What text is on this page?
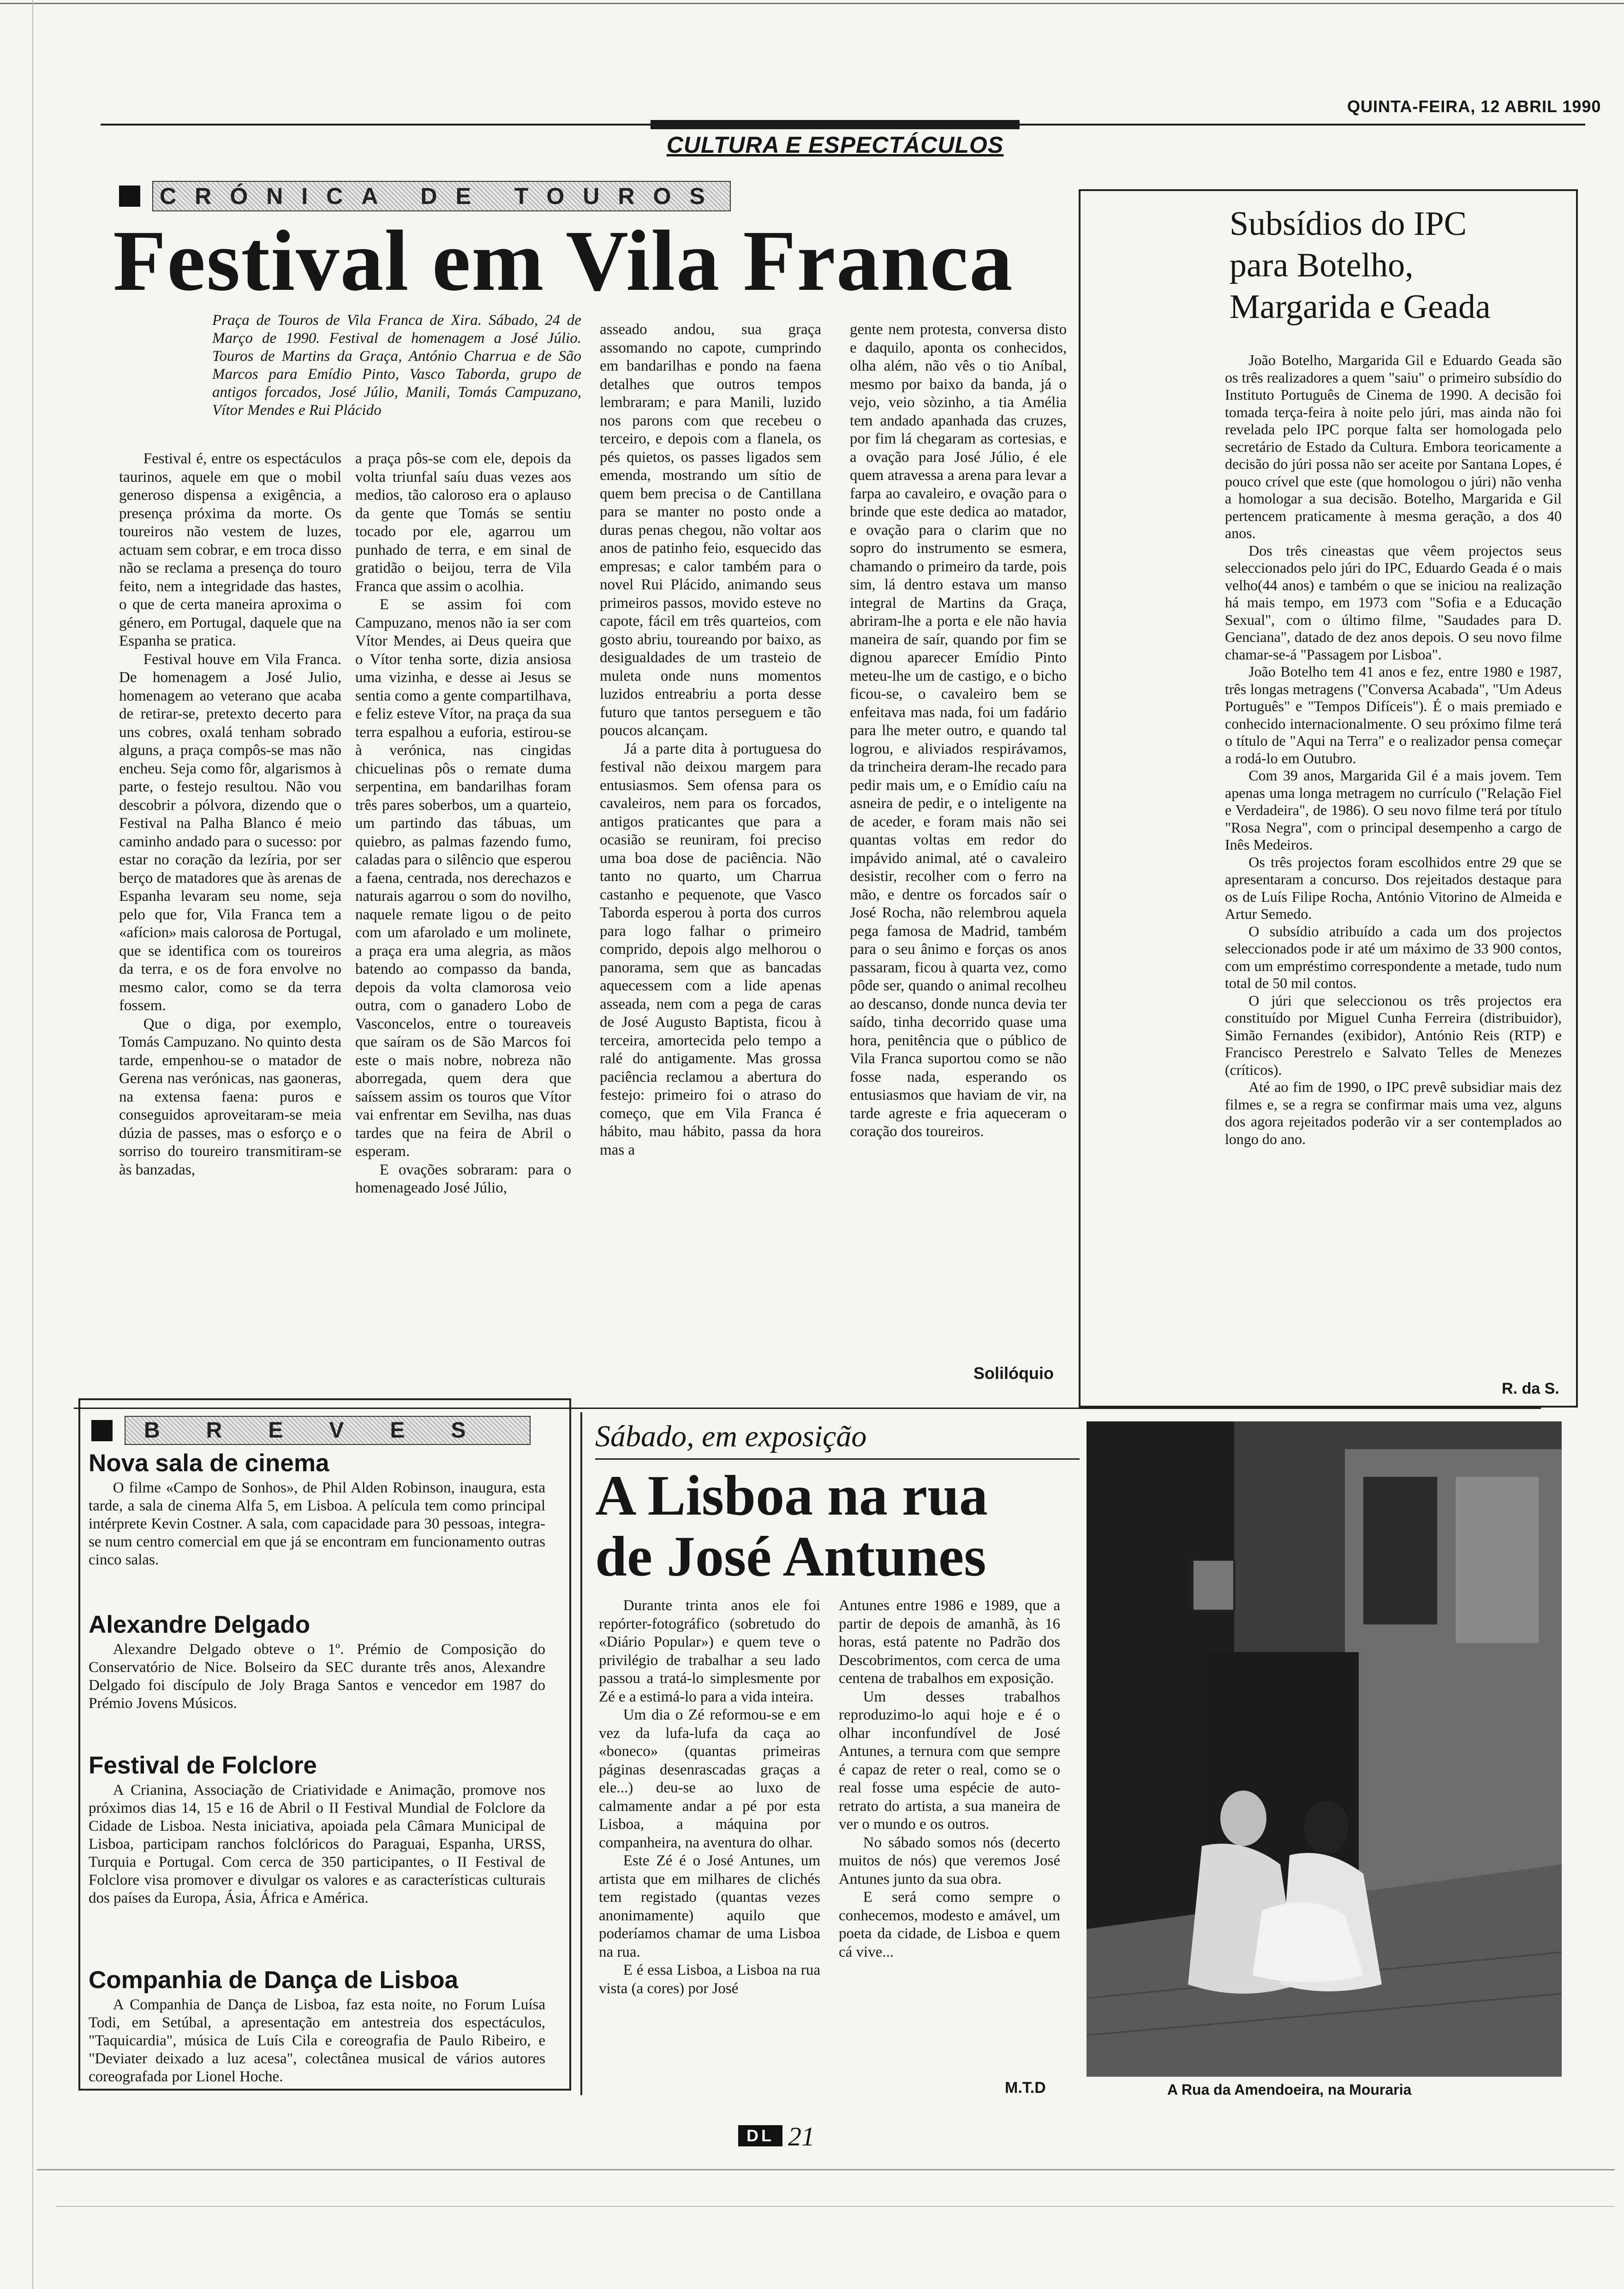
QUINTA-FEIRA, 12 ABRIL 1990
CULTURA E ESPECTÁCULOS
CRÓNICA DE TOUROS
Festival em Vila Franca
Praça de Touros de Vila Franca de Xira. Sábado, 24 de Março de 1990. Festival de homenagem a José Júlio. Touros de Martins da Graça, António Charrua e de São Marcos para Emídio Pinto, Vasco Taborda, grupo de antigos forcados, José Júlio, Manili, Tomás Campuzano, Vítor Mendes e Rui Plácido

Festival é, entre os espectáculos taurinos, aquele em que o mobil generoso dispensa a exigência, a presença próxima da morte. Os toureiros não vestem de luzes, actuam sem cobrar, e em troca disso não se reclama a presença do touro feito, nem a integridade das hastes, o que de certa maneira aproxima o género, em Portugal, daquele que na Espanha se pratica.

Festival houve em Vila Franca. De homenagem a José Julio, homenagem ao veterano que acaba de retirar-se, pretexto decerto para uns cobres, oxalá tenham sobrado alguns, a praça compôs-se mas não encheu. Seja como fôr, algarismos à parte, o festejo resultou. Não vou descobrir a pólvora, dizendo que o Festival na Palha Blanco é meio caminho andado para o sucesso: por estar no coração da lezíria, por ser berço de matadores que às arenas de Espanha levaram seu nome, seja pelo que for, Vila Franca tem a «afícion» mais calorosa de Portugal, que se identifica com os toureiros da terra, e os de fora envolve no mesmo calor, como se da terra fossem.

Que o diga, por exemplo, Tomás Campuzano. No quinto desta tarde, empenhou-se o matador de Gerena nas verónicas, nas gaoneras, na extensa faena: puros e conseguidos aproveitaram-se meia dúzia de passes, mas o esforço e o sorriso do toureiro transmitiram-se às banzadas,

a praça pôs-se com ele, depois da volta triunfal saíu duas vezes aos medios, tão caloroso era o aplauso da gente que Tomás se sentiu tocado por ele, agarrou um punhado de terra, e em sinal de gratidão o beijou, terra de Vila Franca que assim o acolhia.

E se assim foi com Campuzano, menos não ia ser com Vítor Mendes, ai Deus queira que o Vítor tenha sorte, dizia ansiosa uma vizinha, e desse ai Jesus se sentia como a gente compartilhava, e feliz esteve Vítor, na praça da sua terra espalhou a euforia, estirou-se à verónica, nas cingidas chicuelinas pôs o remate duma serpentina, em bandarilhas foram três pares soberbos, um a quarteio, um partindo das tábuas, um quiebro, as palmas fazendo fumo, caladas para o silêncio que esperou a faena, centrada, nos derechazos e naturais agarrou o som do novilho, naquele remate ligou o de peito com um afarolado e um molinete, a praça era uma alegria, as mãos batendo ao compasso da banda, depois da volta clamorosa veio outra, com o ganadero Lobo de Vasconcelos, entre o toureaveis que saíram os de São Marcos foi este o mais nobre, nobreza não aborregada, quem dera que saíssem assim os touros que Vítor vai enfrentar em Sevilha, nas duas tardes que na feira de Abril o esperam.

E ovações sobraram: para o homenageado José Júlio,

asseado andou, sua graça assomando no capote, cumprindo em bandarilhas e pondo na faena detalhes que outros tempos lembraram; e para Manili, luzido nos parons com que recebeu o terceiro, e depois com a flanela, os pés quietos, os passes ligados sem emenda, mostrando um sítio de quem bem precisa o de Cantillana para se manter no posto onde a duras penas chegou, não voltar aos anos de patinho feio, esquecido das empresas; e calor também para o novel Rui Plácido, animando seus primeiros passos, movido esteve no capote, fácil em três quarteios, com gosto abriu, toureando por baixo, as desigualdades de um trasteio de muleta onde nuns momentos luzidos entreabriu a porta desse futuro que tantos perseguem e tão poucos alcançam.

Já a parte dita à portuguesa do festival não deixou margem para entusiasmos. Sem ofensa para os cavaleiros, nem para os forcados, antigos praticantes que para a ocasião se reuniram, foi preciso uma boa dose de paciência. Não tanto no quarto, um Charrua castanho e pequenote, que Vasco Taborda esperou à porta dos curros para logo falhar o primeiro comprido, depois algo melhorou o panorama, sem que as bancadas aquecessem com a lide apenas asseada, nem com a pega de caras de José Augusto Baptista, ficou à terceira, amortecida pelo tempo a ralé do antigamente. Mas grossa paciência reclamou a abertura do festejo: primeiro foi o atraso do começo, que em Vila Franca é hábito, mau hábito, passa da hora mas a

gente nem protesta, conversa disto e daquilo, aponta os conhecidos, olha além, não vês o tio Aníbal, mesmo por baixo da banda, já o vejo, veio sòzinho, a tia Amélia tem andado apanhada das cruzes, por fim lá chegaram as cortesias, e a ovação para José Júlio, é ele quem atravessa a arena para levar a farpa ao cavaleiro, e ovação para o brinde que este dedica ao matador, e ovação para o clarim que no sopro do instrumento se esmera, chamando o primeiro da tarde, pois sim, lá dentro estava um manso integral de Martins da Graça, abriram-lhe a porta e ele não havia maneira de saír, quando por fim se dignou aparecer Emídio Pinto meteu-lhe um de castigo, e o bicho ficou-se, o cavaleiro bem se enfeitava mas nada, foi um fadário para lhe meter outro, e quando tal logrou, e aliviados respirávamos, da trincheira deram-lhe recado para pedir mais um, e o Emídio caíu na asneira de pedir, e o inteligente na de aceder, e foram mais não sei quantas voltas em redor do impávido animal, até o cavaleiro desistir, recolher com o ferro na mão, e dentre os forcados saír o José Rocha, não relembrou aquela pega famosa de Madrid, também para o seu ânimo e forças os anos passaram, ficou à quarta vez, como pôde ser, quando o animal recolheu ao descanso, donde nunca devia ter saído, tinha decorrido quase uma hora, penitência que o público de Vila Franca suportou como se não fosse nada, esperando os entusiasmos que haviam de vir, na tarde agreste e fria aqueceram o coração dos toureiros.

Solilóquio
Subsídios do IPC
para Botelho,
Margarida e Geada

João Botelho, Margarida Gil e Eduardo Geada são os três realizadores a quem "saiu" o primeiro subsídio do Instituto Português de Cinema de 1990. A decisão foi tomada terça-feira à noite pelo júri, mas ainda não foi revelada pelo IPC porque falta ser homologada pelo secretário de Estado da Cultura. Embora teoricamente a decisão do júri possa não ser aceite por Santana Lopes, é pouco crível que este (que homologou o júri) não venha a homologar a sua decisão. Botelho, Margarida e Gil pertencem praticamente à mesma geração, a dos 40 anos.

Dos três cineastas que vêem projectos seus seleccionados pelo júri do IPC, Eduardo Geada é o mais velho(44 anos) e também o que se iniciou na realização há mais tempo, em 1973 com "Sofia e a Educação Sexual", com o último filme, "Saudades para D. Genciana", datado de dez anos depois. O seu novo filme chamar-se-á "Passagem por Lisboa".

João Botelho tem 41 anos e fez, entre 1980 e 1987, três longas metragens ("Conversa Acabada", "Um Adeus Português" e "Tempos Difíceis"). É o mais premiado e conhecido internacionalmente. O seu próximo filme terá o título de "Aqui na Terra" e o realizador pensa começar a rodá-lo em Outubro.

Com 39 anos, Margarida Gil é a mais jovem. Tem apenas uma longa metragem no currículo ("Relação Fiel e Verdadeira", de 1986). O seu novo filme terá por título "Rosa Negra", com o principal desempenho a cargo de Inês Medeiros.

Os três projectos foram escolhidos entre 29 que se apresentaram a concurso. Dos rejeitados destaque para os de Luís Filipe Rocha, António Vitorino de Almeida e Artur Semedo.

O subsídio atribuído a cada um dos projectos seleccionados pode ir até um máximo de 33 900 contos, com um empréstimo correspondente a metade, tudo num total de 50 mil contos.

O júri que seleccionou os três projectos era constituído por Miguel Cunha Ferreira (distribuidor), Simão Fernandes (exibidor), António Reis (RTP) e Francisco Perestrelo e Salvato Telles de Menezes (críticos).

Até ao fim de 1990, o IPC prevê subsidiar mais dez filmes e, se a regra se confirmar mais uma vez, alguns dos agora rejeitados poderão vir a ser contemplados ao longo do ano.

R. da S.
BREVES
Nova sala de cinema

O filme «Campo de Sonhos», de Phil Alden Robinson, inaugura, esta tarde, a sala de cinema Alfa 5, em Lisboa. A película tem como principal intérprete Kevin Costner. A sala, com capacidade para 30 pessoas, integra-se num centro comercial em que já se encontram em funcionamento outras cinco salas.

Alexandre Delgado

Alexandre Delgado obteve o 1º. Prémio de Composição do Conservatório de Nice. Bolseiro da SEC durante três anos, Alexandre Delgado foi discípulo de Joly Braga Santos e vencedor em 1987 do Prémio Jovens Músicos.

Festival de Folclore

A Crianina, Associação de Criatividade e Animação, promove nos próximos dias 14, 15 e 16 de Abril o II Festival Mundial de Folclore da Cidade de Lisboa. Nesta iniciativa, apoiada pela Câmara Municipal de Lisboa, participam ranchos folclóricos do Paraguai, Espanha, URSS, Turquia e Portugal. Com cerca de 350 participantes, o II Festival de Folclore visa promover e divulgar os valores e as características culturais dos países da Europa, Ásia, África e América.

Companhia de Dança de Lisboa

A Companhia de Dança de Lisboa, faz esta noite, no Forum Luísa Todi, em Setúbal, a apresentação em antestreia dos espectáculos, "Taquicardia", música de Luís Cila e coreografia de Paulo Ribeiro, e "Deviater deixado a luz acesa", colectânea musical de vários autores coreografada por Lionel Hoche.

Sábado, em exposição
A Lisboa na rua
de José Antunes

Durante trinta anos ele foi repórter-fotográfico (sobretudo do «Diário Popular») e quem teve o privilégio de trabalhar a seu lado passou a tratá-lo simplesmente por Zé e a estimá-lo para a vida inteira.

Um dia o Zé reformou-se e em vez da lufa-lufa da caça ao «boneco» (quantas primeiras páginas desenrascadas graças a ele...) deu-se ao luxo de calmamente andar a pé por esta Lisboa, a máquina por companheira, na aventura do olhar.

Este Zé é o José Antunes, um artista que em milhares de clichés tem registado (quantas vezes anonimamente) aquilo que poderíamos chamar de uma Lisboa na rua.

E é essa Lisboa, a Lisboa na rua vista (a cores) por José

Antunes entre 1986 e 1989, que a partir de depois de amanhã, às 16 horas, está patente no Padrão dos Descobrimentos, com cerca de uma centena de trabalhos em exposição.

Um desses trabalhos reproduzimo-lo aqui hoje e é o olhar inconfundível de José Antunes, a ternura com que sempre é capaz de reter o real, como se o real fosse uma espécie de auto-retrato do artista, a sua maneira de ver o mundo e os outros.

No sábado somos nós (decerto muitos de nós) que veremos José Antunes junto da sua obra.

E será como sempre o conhecemos, modesto e amável, um poeta da cidade, de Lisboa e quem cá vive...

M.T.D	A Rua da Amendoeira, na Mouraria
DL 21
